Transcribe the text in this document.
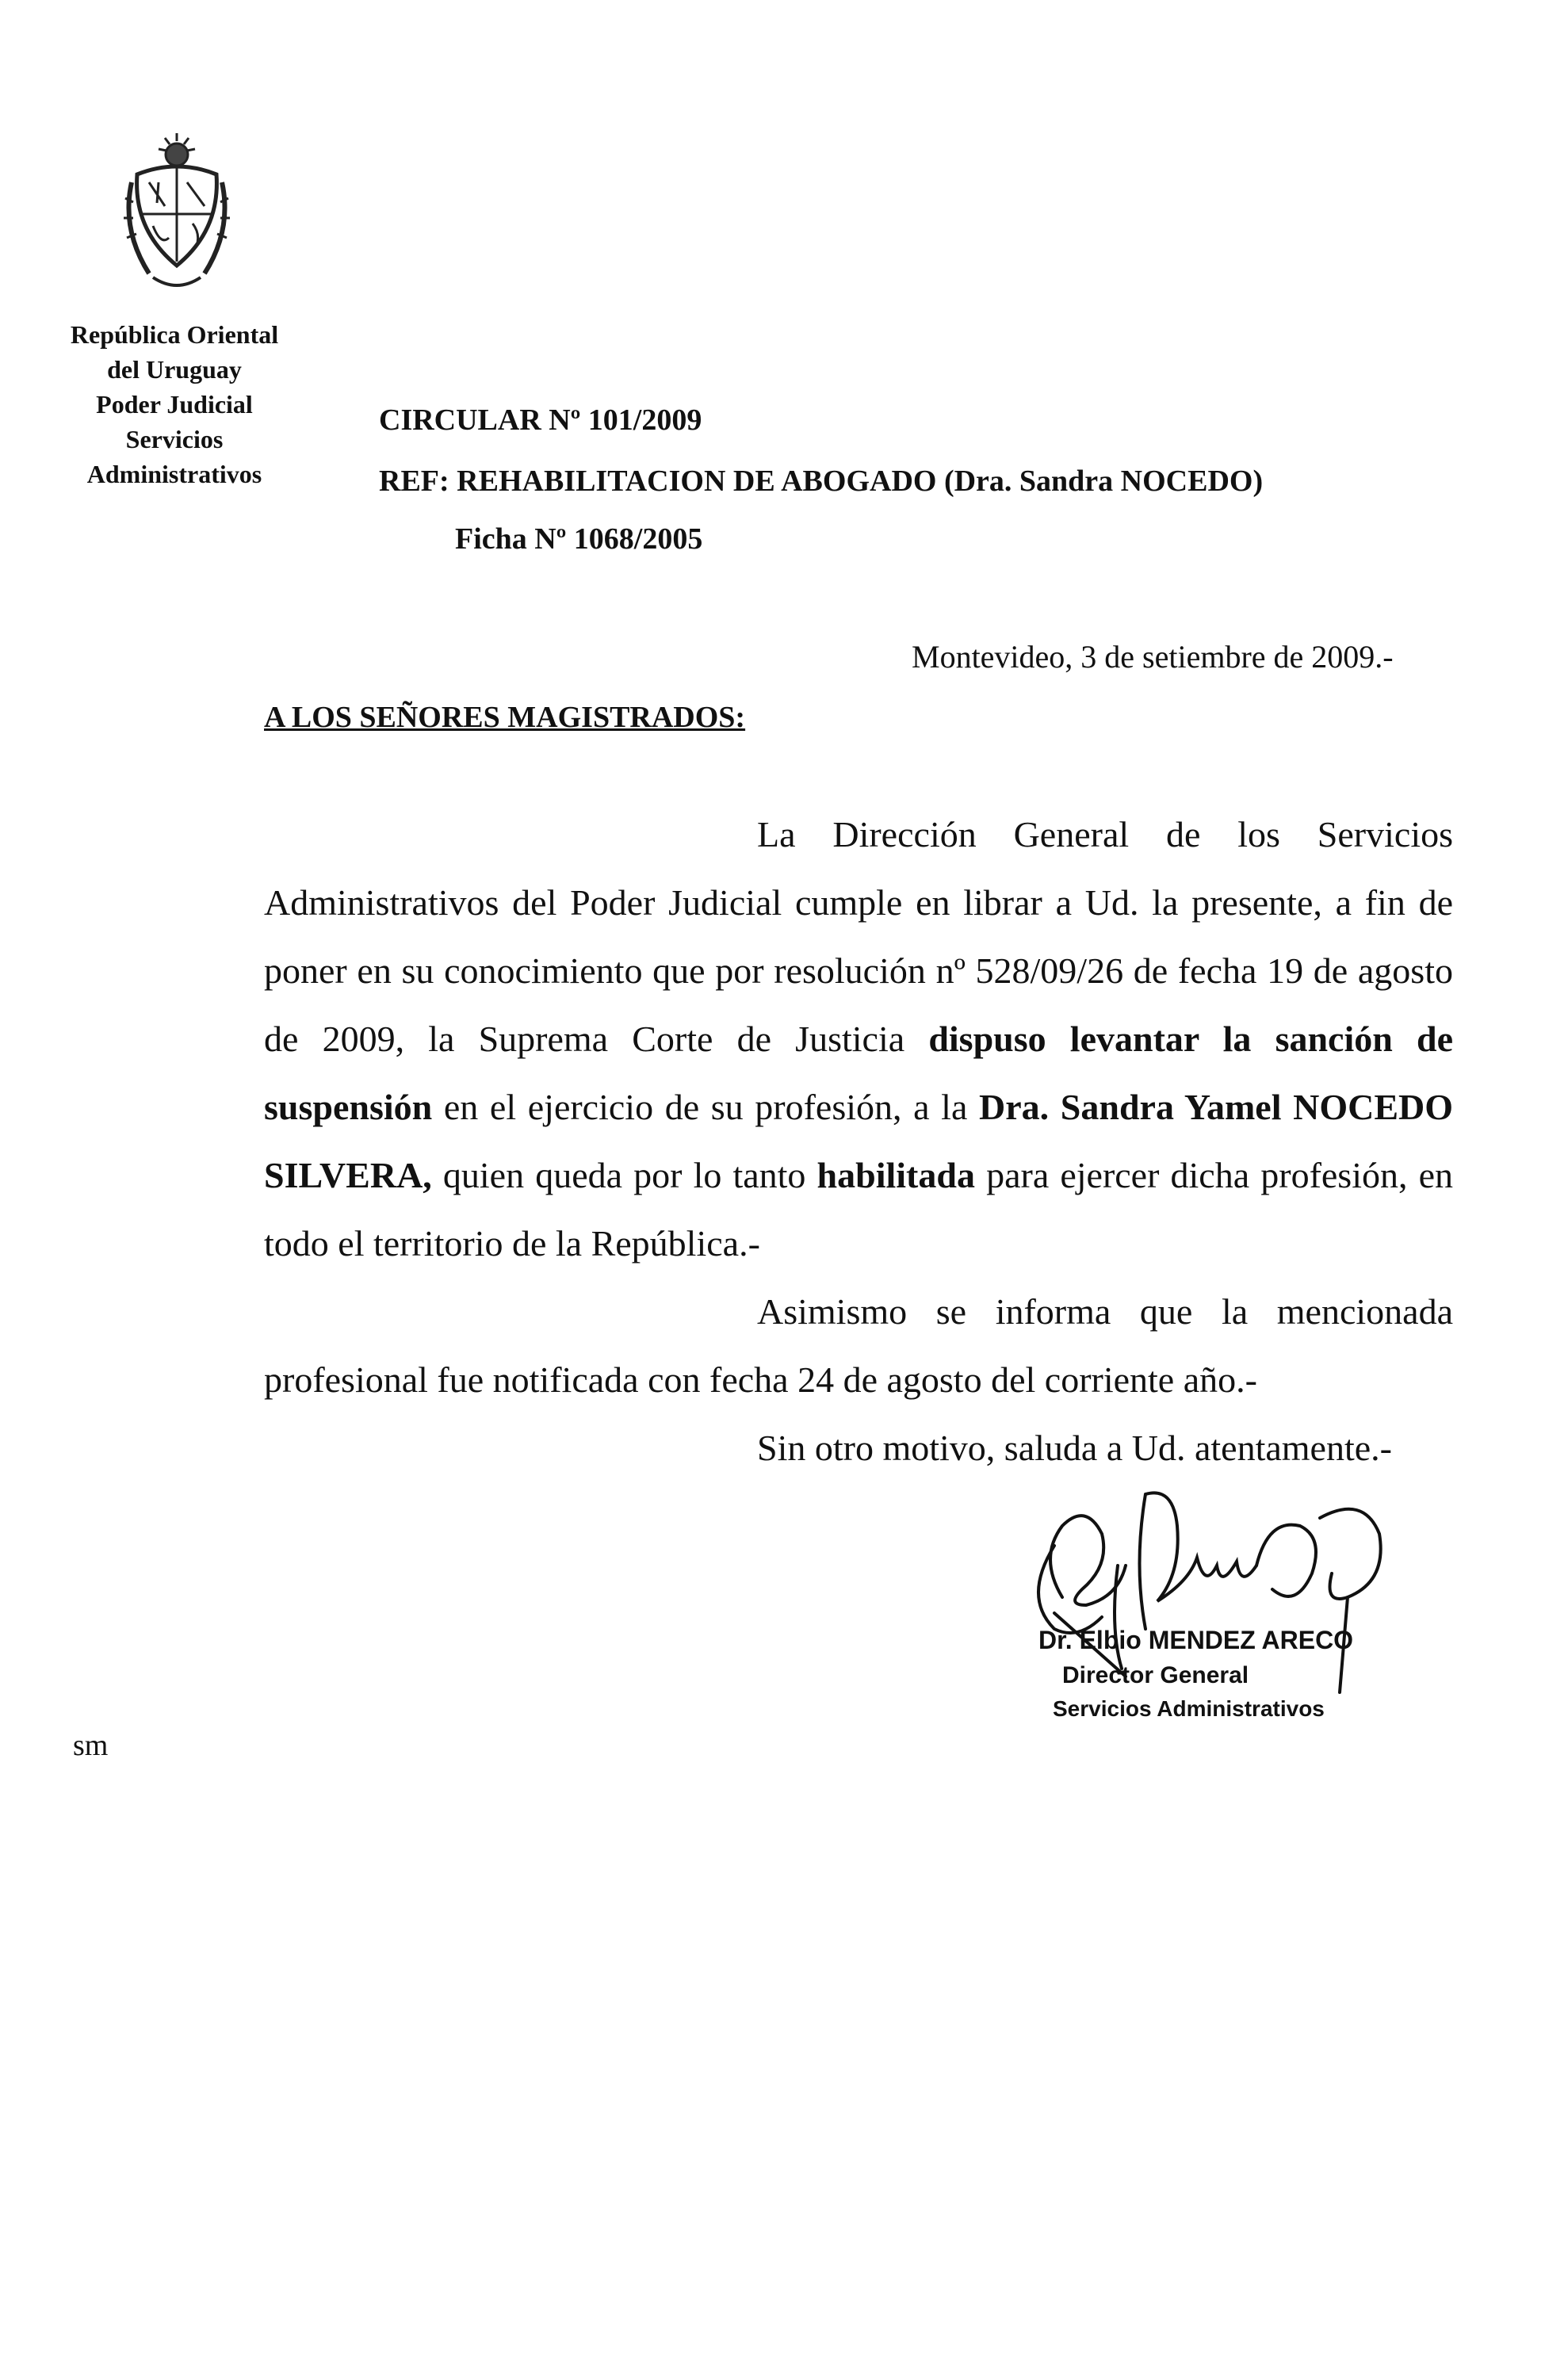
República Oriental
del Uruguay
Poder Judicial
Servicios
Administrativos
CIRCULAR Nº 101/2009
REF: REHABILITACION DE ABOGADO (Dra. Sandra NOCEDO)
Ficha Nº 1068/2005
Montevideo, 3 de setiembre de 2009.-
A LOS SEÑORES MAGISTRADOS:
La Dirección General de los Servicios
Administrativos del Poder Judicial cumple en librar a Ud. la presente, a fin de
poner en su conocimiento que por resolución nº 528/09/26 de fecha 19 de agosto
de 2009, la Suprema Corte de Justicia dispuso levantar la sanción de
suspensión en el ejercicio de su profesión, a la Dra. Sandra Yamel NOCEDO
SILVERA, quien queda por lo tanto habilitada para ejercer dicha profesión, en
todo el territorio de la República.-
Asimismo se informa que la mencionada
profesional fue notificada con fecha 24 de agosto del corriente año.-
Sin otro motivo, saluda a Ud. atentamente.-
Dr. Elbio MENDEZ ARECO
Director General
Servicios Administrativos
sm
